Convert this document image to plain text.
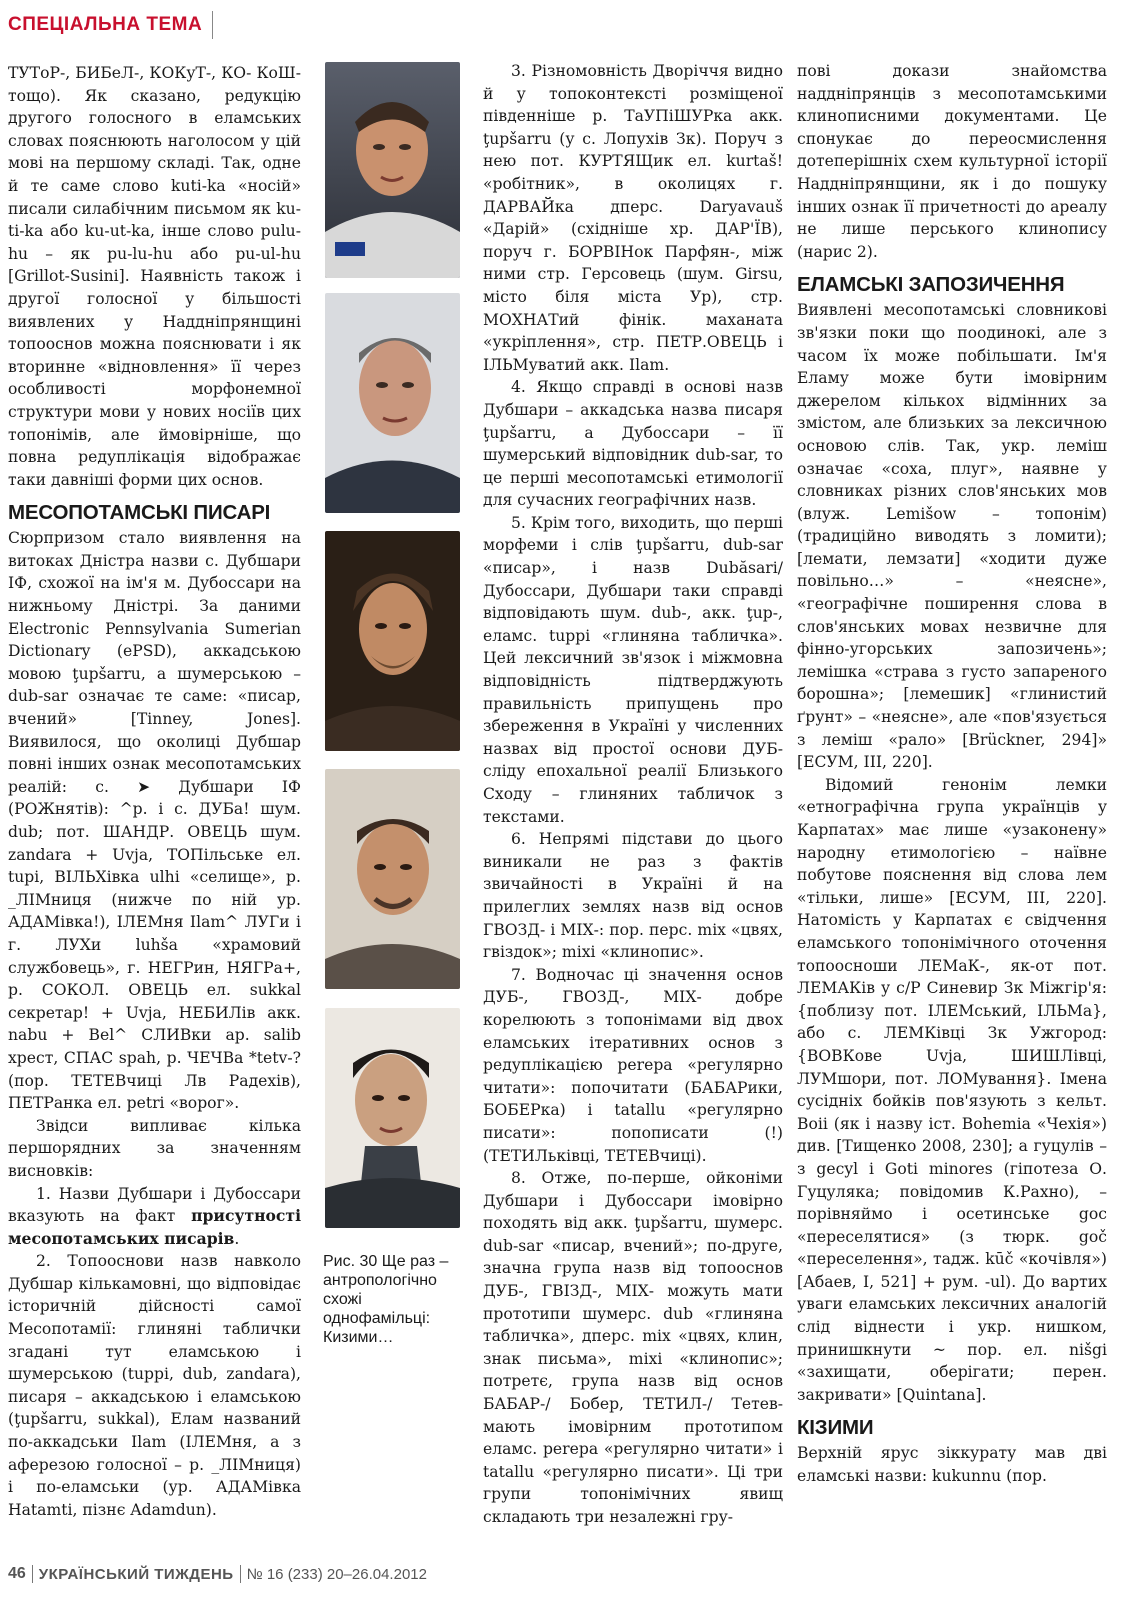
СПЕЦІАЛЬНА ТЕМА

ТУТоР-, БИБеЛ-, КОКуТ-, КО- КоШ- тощо). Як сказано, редукцію другого голосного в еламських словах пояснюють наголосом у цій мові на першому складі. Так, одне й те саме слово kuti-ka «носій» писали силабічним письмом як ku-ti-ka або ku-ut-ka, інше слово pulu-hu – як pu-lu-hu або pu-ul-hu [Grillot-Susini]. Наявність також і другої голосної у більшості виявлених у Наддніпрянщині топооснов можна пояснювати і як вторинне «відновлення» її через особливості морфонемної структури мови у нових носіїв цих топонімів, але ймовірніше, що повна редуплікація відображає таки давніші форми цих основ.

МЕСОПОТАМСЬКІ ПИСАРІ

Сюрпризом стало виявлення на витоках Дністра назви с. Дубшари ІФ, схожої на ім'я м. Дубоссари на нижньому Дністрі. За даними Electronic Pennsylvania Sumerian Dictionary (ePSD), аккадською мовою ţupšarru, а шумерською – dub-sar означає те саме: «писар, вчений» [Tinney, Jones]. Виявилося, що околиці Дубшар повні інших ознак месопотамських реалій: с. ➤ Дубшари ІФ (РОЖнятів): ^р. і с. ДУБа! шум. dub; пот. ШАНДР. ОВЕЦЬ шум. zandara + Uvja, ТОПільське ел. tupi, ВІЛЬХівка ulhi «селище», р. _ЛІМниця (нижче по ній ур. АДАМівка!), ІЛЕМня Ilam^ ЛУГи і г. ЛУХи luhša «храмовий службовець», г. НЕГРин, НЯГРа+, р. СОКОЛ. ОВЕЦЬ ел. sukkal секретар! + Uvja, НЕБИЛів акк. nabu + Bel^ СЛИВки ар. salib хрест, СПАС spah, р. ЧЕЧВа *tetv-? (пор. ТЕТЕВчиці Лв Радехів), ПЕТРанка ел. petri «ворог».

Звідси випливає кілька першорядних за значенням висновків:

1. Назви Дубшари і Дубоссари вказують на факт присутності месопотамських писарів.

2. Топооснови назв навколо Дубшар кількамовні, що відповідає історичній дійсності самої Месопотамії: глиняні таблички згадані тут еламською і шумерською (tuppi, dub, zandara), писаря – аккадською і еламською (ţupšarru, sukkal), Елам названий по-аккадськи Ilam (ІЛЕМня, а з аферезою голосної – р. _ЛІМниця) і по-еламськи (ур. АДАМівка Hatamti, пізнє Adamdun).

Рис. 30 Ще раз – антропологічно схожі однофамільці: Кизими…

3. Різномовність Дворіччя видно й у топоконтексті розміщеної південніше р. ТаУПіШУРка акк. ţupšarru (у с. Лопухів Зк). Поруч з нею пот. КУРТЯЩик ел. kurtaš! «робітник», в околицях г. ДАРВАЙка дперс. Daryavauš «Дарій» (східніше хр. ДАР'ЇВ), поруч г. БОРВІНок Парфян-, між ними стр. Герсовець (шум. Girsu, місто біля міста Ур), стр. МОХНАТий фінік. маханата «укріплення», стр. ПЕТР.ОВЕЦЬ і ІЛЬМуватий акк. Ilam.

4. Якщо справді в основі назв Дубшари – аккадська назва писаря ţupšarru, а Дубоссари – її шумерський відповідник dub-sar, то це перші месопотамські етимології для сучасних географічних назв.

5. Крім того, виходить, що перші морфеми і слів ţupšarru, dub-sar «писар», і назв Dubăsari/ Дубоссари, Дубшари таки справді відповідають шум. dub-, акк. ţup-, еламс. tuppi «глиняна табличка». Цей лексичний зв'язок і міжмовна відповідність підтверджують правильність припущень про збереження в Україні у численних назвах від простої основи ДУБ- сліду епохальної реалії Близького Сходу – глиняних табличок з текстами.

6. Непрямі підстави до цього виникали не раз з фактів звичайності в Україні й на прилеглих землях назв від основ ГВОЗД- і МІХ-: пор. перс. mix «цвях, гвіздок»; mixi «клинопис».

7. Водночас ці значення основ ДУБ-, ГВОЗД-, МІХ- добре корелюють з топонімами від двох еламських ітеративних основ з редуплікацією perepa «регулярно читати»: попочитати (БАБАРики, БОБЕРка) і tatallu «регулярно писати»: попописати (!) (ТЕТИЛьківці, ТЕТЕВчиці).

8. Отже, по-перше, ойконіми Дубшари і Дубоссари імовірно походять від акк. ţupšarru, шумерс. dub-sar «писар, вчений»; по-друге, значна група назв від топооснов ДУБ-, ГВІЗД-, МІХ- можуть мати прототипи шумерс. dub «глиняна табличка», дперс. mix «цвях, клин, знак письма», mixi «клинопис»; потретє, група назв від основ БАБАР-/ Бобер, ТЕТИЛ-/ Тетев- мають імовірним прототипом еламс. perepa «регулярно читати» і tatallu «регулярно писати». Ці три групи топонімічних явищ складають три незалежні гру-

пові докази знайомства наддніпрянців з месопотамськими клинописними документами. Це спонукає до переосмислення дотеперішніх схем культурної історії Наддніпрянщини, як і до пошуку інших ознак її причетності до ареалу не лише перського клинопису (нарис 2).

ЕЛАМСЬКІ ЗАПОЗИЧЕННЯ

Виявлені месопотамські словникові зв'язки поки що поодинокі, але з часом їх може побільшати. Ім'я Еламу може бути імовірним джерелом кількох відмінних за змістом, але близьких за лексичною основою слів. Так, укр. леміш означає «соха, плуг», наявне у словниках різних слов'янських мов (влуж. Lemišow – топонім) (традиційно виводять з ломити); [лемати, лемзати] «ходити дуже повільно…» – «неясне», «географічне поширення слова в слов'янських мовах незвичне для фінно-угорських запозичень»; лемішка «страва з густо запареного борошна»; [лемешик] «глинистий ґрунт» – «неясне», але «пов'язується з леміш «рало» [Brückner, 294]» [ЕСУМ, III, 220].

Відомий генонім лемки «етнографічна група українців у Карпатах» має лише «узаконену» народну етимологією – наївне побутове пояснення від слова лем «тільки, лише» [ЕСУМ, III, 220]. Натомість у Карпатах є свідчення еламського топонімічного оточення топоосноши ЛЕМаК-, як-от пот. ЛЕМАКів у с/Р Синевир Зк Міжгір'я: {поблизу пот. ІЛЕМський, ІЛЬМа}, або с. ЛЕМКівці Зк Ужгород: {ВОВКове Uvja, ШИШЛівці, ЛУМшори, пот. ЛОМування}. Імена сусідніх бойків пов'язують з кельт. Boii (як і назву іст. Bohemia «Чехія») див. [Тищенко 2008, 230]; а гуцулів – з gecyl і Goti minores (гіпотеза О. Гуцуляка; повідомив К.Рахно), – порівняймо і осетинське goc «переселятися» (з тюрк. goč «переселення», тадж. kūč «кочівля») [Абаев, I, 521] + рум. -ul). До вартих уваги еламських лексичних аналогій слід віднести і укр. нишком, принишкнути ~ пор. ел. nišgi «захищати, оберігати; перен. закривати» [Quintana].

КІЗИМИ

Верхній ярус зіккурату мав дві еламські назви: kukunnu (пор.

46 УКРАЇНСЬКИЙ ТИЖДЕНЬ № 16 (233) 20–26.04.2012
